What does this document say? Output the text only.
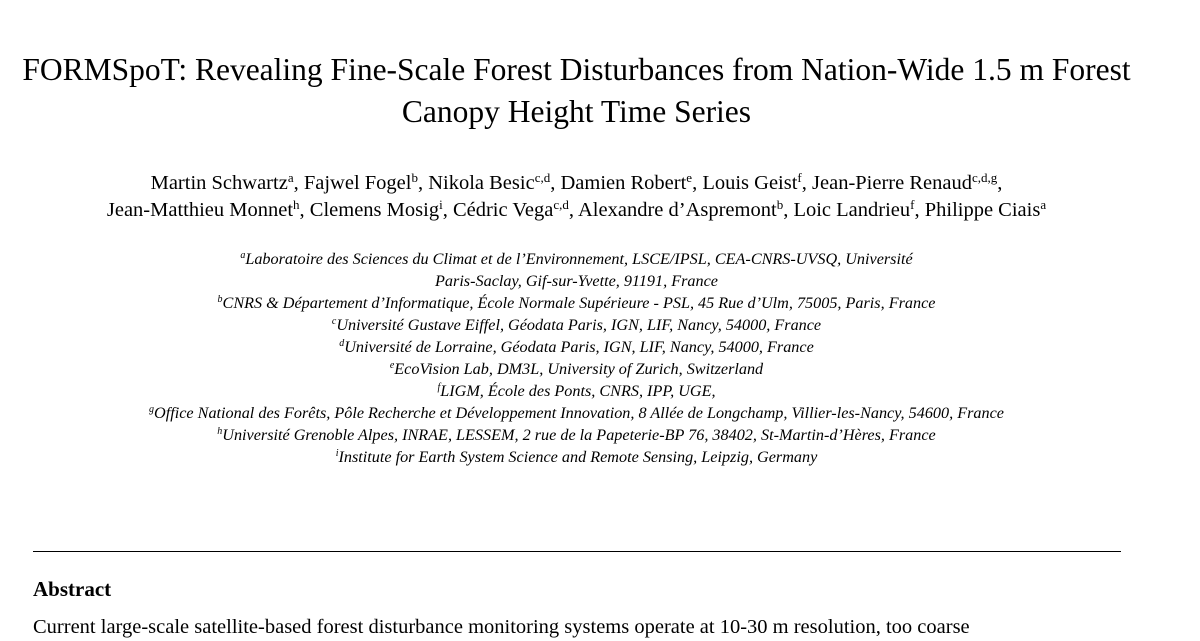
FORMSpoT: Revealing Fine-Scale Forest Disturbances from Nation-Wide 1.5 m Forest Canopy Height Time Series
Martin Schwartz$^a$, Fajwel Fogel$^b$, Nikola Besic$^{c,d}$, Damien Robert$^e$, Louis Geist$^f$, Jean-Pierre Renaud$^{c,d,g}$,
Jean-Matthieu Monnet$^h$, Clemens Mosig$^i$, Cédric Vega$^{c,d}$, Alexandre d’Aspremont$^b$, Loic Landrieu$^f$, Philippe Ciais$^a$
$^a$Laboratoire des Sciences du Climat et de l’Environnement, LSCE/IPSL, CEA-CNRS-UVSQ, Université Paris-Saclay, Gif-sur-Yvette, 91191, France
$^b$CNRS & Département d’Informatique, École Normale Supérieure - PSL, 45 Rue d’Ulm, 75005, Paris, France
$^c$Université Gustave Eiffel, Géodata Paris, IGN, LIF, Nancy, 54000, France
$^d$Université de Lorraine, Géodata Paris, IGN, LIF, Nancy, 54000, France
$^e$EcoVision Lab, DM3L, University of Zurich, Switzerland
$^f$LIGM, École des Ponts, CNRS, IPP, UGE,
$^g$Office National des Forêts, Pôle Recherche et Développement Innovation, 8 Allée de Longchamp, Villier-les-Nancy, 54600, France
$^h$Université Grenoble Alpes, INRAE, LESSEM, 2 rue de la Papeterie-BP 76, 38402, St-Martin-d’Hères, France
$^i$Institute for Earth System Science and Remote Sensing, Leipzig, Germany
Abstract
Current large-scale satellite-based forest disturbance monitoring systems operate at 10-30 m resolution, too coarse
